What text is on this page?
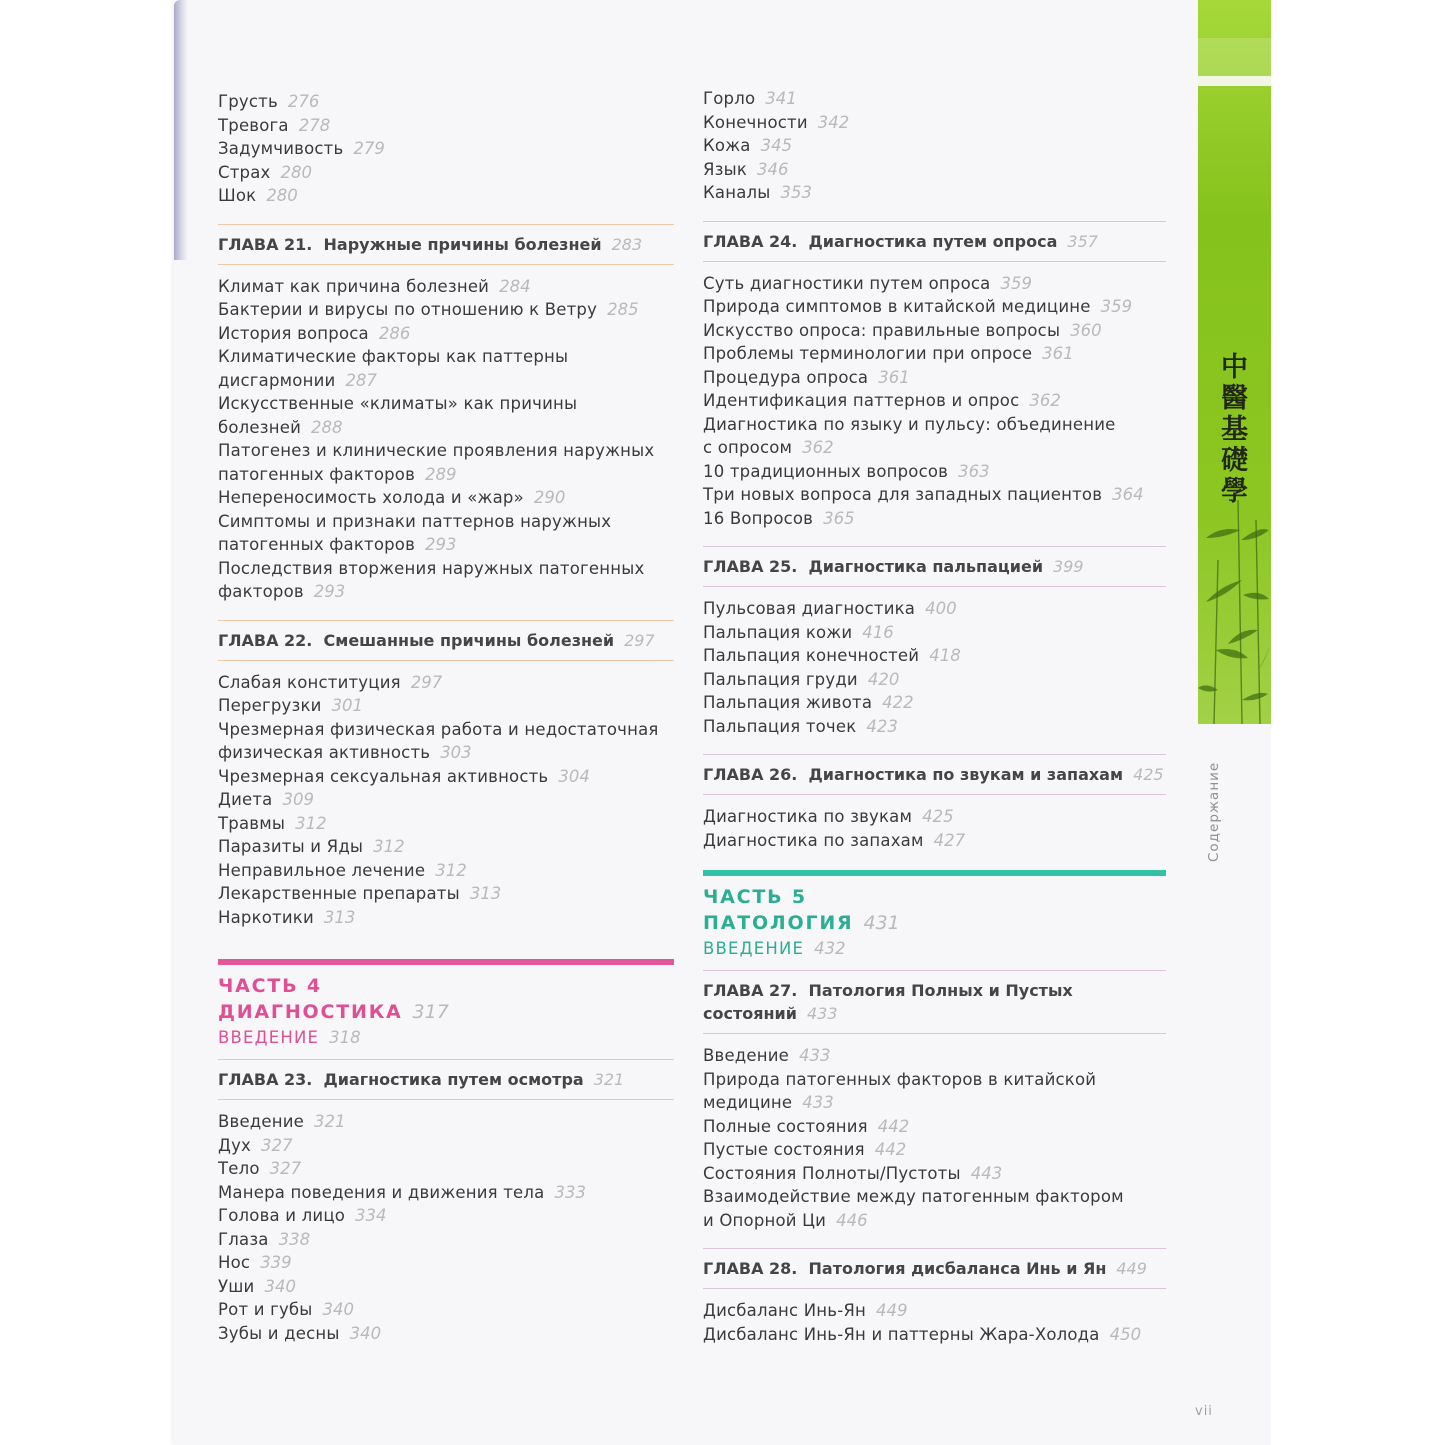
Грусть 276
Тревога 278
Задумчивость 279
Страх 280
Шок 280
ГЛАВА 21. Наружные причины болезней 283
Климат как причина болезней 284
Бактерии и вирусы по отношению к Ветру 285
История вопроса 286
Климатические факторы как паттерны
дисгармонии 287
Искусственные «климаты» как причины
болезней 288
Патогенез и клинические проявления наружных
патогенных факторов 289
Непереносимость холода и «жар» 290
Симптомы и признаки паттернов наружных
патогенных факторов 293
Последствия вторжения наружных патогенных
факторов 293
ГЛАВА 22. Смешанные причины болезней 297
Слабая конституция 297
Перегрузки 301
Чрезмерная физическая работа и недостаточная
физическая активность 303
Чрезмерная сексуальная активность 304
Диета 309
Травмы 312
Паразиты и Яды 312
Неправильное лечение 312
Лекарственные препараты 313
Наркотики 313
ЧАСТЬ 4
ДИАГНОСТИКА 317
ВВЕДЕНИЕ 318
ГЛАВА 23. Диагностика путем осмотра 321
Введение 321
Дух 327
Тело 327
Манера поведения и движения тела 333
Голова и лицо 334
Глаза 338
Нос 339
Уши 340
Рот и губы 340
Зубы и десны 340
Горло 341
Конечности 342
Кожа 345
Язык 346
Каналы 353
ГЛАВА 24. Диагностика путем опроса 357
Суть диагностики путем опроса 359
Природа симптомов в китайской медицине 359
Искусство опроса: правильные вопросы 360
Проблемы терминологии при опросе 361
Процедура опроса 361
Идентификация паттернов и опрос 362
Диагностика по языку и пульсу: объединение
с опросом 362
10 традиционных вопросов 363
Три новых вопроса для западных пациентов 364
16 Вопросов 365
ГЛАВА 25. Диагностика пальпацией 399
Пульсовая диагностика 400
Пальпация кожи 416
Пальпация конечностей 418
Пальпация груди 420
Пальпация живота 422
Пальпация точек 423
ГЛАВА 26. Диагностика по звукам и запахам 425
Диагностика по звукам 425
Диагностика по запахам 427
ЧАСТЬ 5
ПАТОЛОГИЯ 431
ВВЕДЕНИЕ 432
ГЛАВА 27. Патология Полных и Пустых
состояний 433
Введение 433
Природа патогенных факторов в китайской
медицине 433
Полные состояния 442
Пустые состояния 442
Состояния Полноты/Пустоты 443
Взаимодействие между патогенным фактором
и Опорной Ци 446
ГЛАВА 28. Патология дисбаланса Инь и Ян 449
Дисбаланс Инь-Ян 449
Дисбаланс Инь-Ян и паттерны Жара-Холода 450
中
醫
基
礎
學
Содержание
vii
